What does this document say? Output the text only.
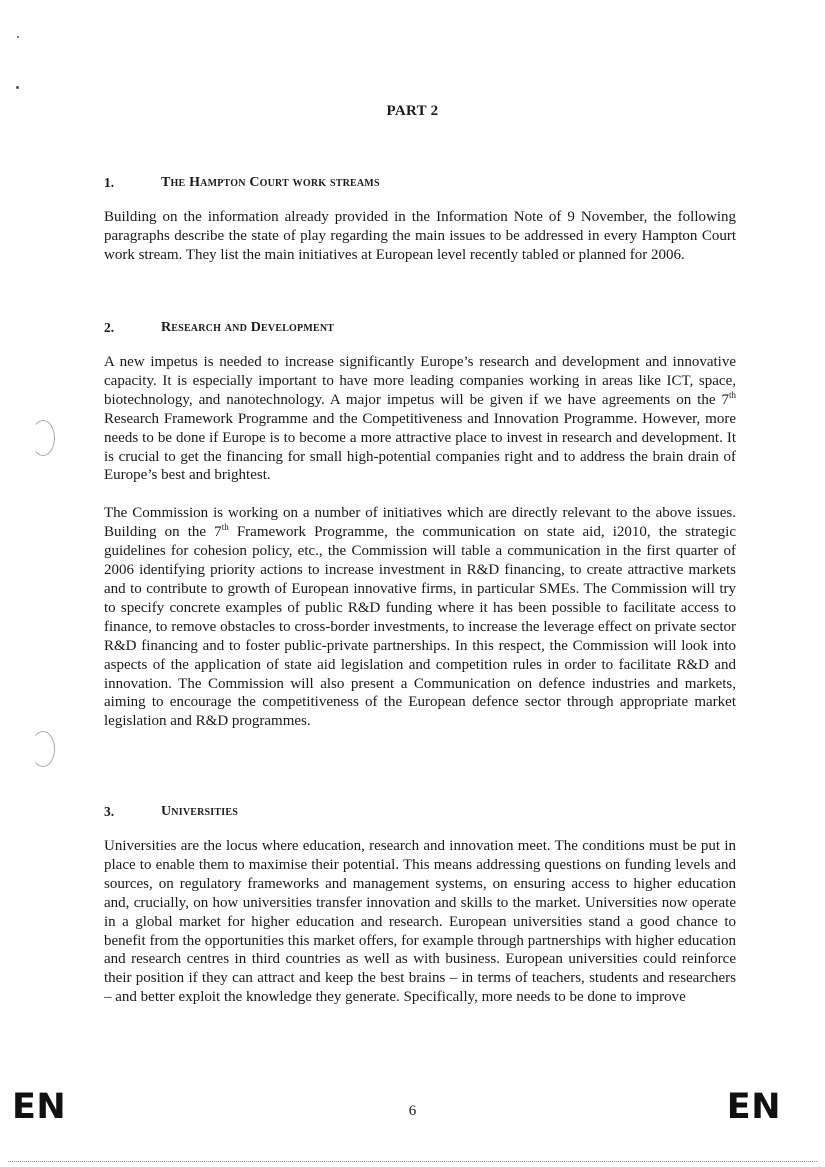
PART 2
1.	The Hampton Court work streams

Building on the information already provided in the Information Note of 9 November, the following paragraphs describe the state of play regarding the main issues to be addressed in every Hampton Court work stream. They list the main initiatives at European level recently tabled or planned for 2006.

2.	Research and Development

A new impetus is needed to increase significantly Europe’s research and development and innovative capacity. It is especially important to have more leading companies working in areas like ICT, space, biotechnology, and nanotechnology. A major impetus will be given if we have agreements on the 7th Research Framework Programme and the Competitiveness and Innovation Programme. However, more needs to be done if Europe is to become a more attractive place to invest in research and development. It is crucial to get the financing for small high-potential companies right and to address the brain drain of Europe’s best and brightest.

The Commission is working on a number of initiatives which are directly relevant to the above issues. Building on the 7th Framework Programme, the communication on state aid, i2010, the strategic guidelines for cohesion policy, etc., the Commission will table a communication in the first quarter of 2006 identifying priority actions to increase investment in R&D financing, to create attractive markets and to contribute to growth of European innovative firms, in particular SMEs. The Commission will try to specify concrete examples of public R&D funding where it has been possible to facilitate access to finance, to remove obstacles to cross-border investments, to increase the leverage effect on private sector R&D financing and to foster public-private partnerships. In this respect, the Commission will look into aspects of the application of state aid legislation and competition rules in order to facilitate R&D and innovation. The Commission will also present a Communication on defence industries and markets, aiming to encourage the competitiveness of the European defence sector through appropriate market legislation and R&D programmes.

3.	Universities

Universities are the locus where education, research and innovation meet. The conditions must be put in place to enable them to maximise their potential. This means addressing questions on funding levels and sources, on regulatory frameworks and management systems, on ensuring access to higher education and, crucially, on how universities transfer innovation and skills to the market. Universities now operate in a global market for higher education and research. European universities stand a good chance to benefit from the opportunities this market offers, for example through partnerships with higher education and research centres in third countries as well as with business. European universities could reinforce their position if they can attract and keep the best brains – in terms of teachers, students and researchers – and better exploit the knowledge they generate. Specifically, more needs to be done to improve

EN	6	EN
